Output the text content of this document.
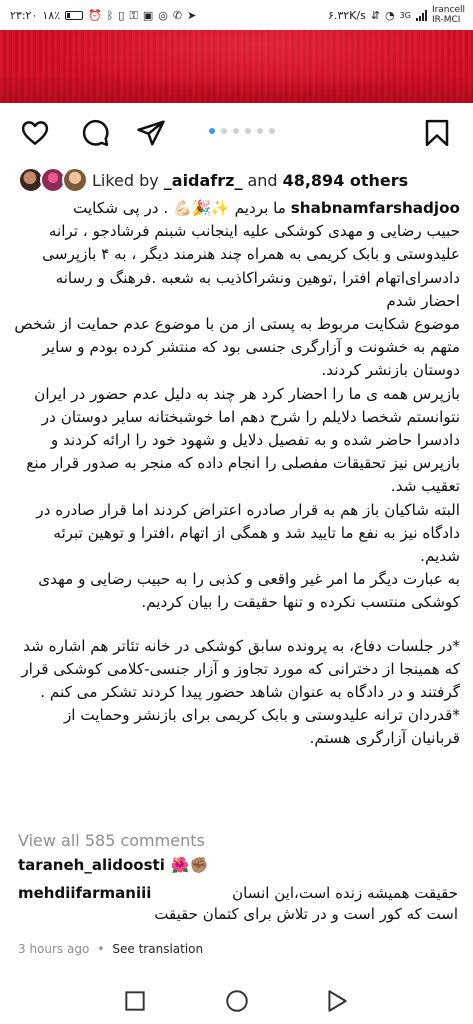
۲۳:۲۰ ۱۸٪	⏰ ᛒ ▯ ⚿ ▣ ◎ ✆ ➤	۶.۳۲K/s ⇵ ◔ 3G Irancell
IR-MCI
Liked by _aidafrz_ and 48,894 others

shabnamfarshadjoo ما بردیم ✨🎉💪🏻 . در پی شکایت

حبیب رضایی و مهدی کوشکی علیه اینجانب شبنم فرشادجو ، ترانه علیدوستی و بابک کریمی به همراه چند هنرمند دیگر ، به ۴ بازپرسی دادسرای‌اتهام افترا ,توهین ونشراکاذیب به شعبه .فرهنگ و رسانه احضار شدم

موضوع شکایت مربوط به پستی از من با موضوع عدم حمایت از شخص متهم به خشونت و آزارگری جنسی بود که منتشر کرده بودم و سایر دوستان بازنشر کردند.

بازپرس همه ی ما را احضار کرد هر چند به دلیل عدم حضور در ایران

نتوانستم شخصا دلایلم را شرح دهم اما خوشبختانه سایر دوستان در دادسرا حاضر شده و به تفصیل دلایل و شهود خود را ارائه کردند و بازپرس نیز تحقیقات مفصلی را انجام داده که منجر به صدور قرار منع تعقیب شد.

البته شاکیان باز هم به قرار صادره اعتراض کردند اما قرار صادره در دادگاه نیز به نفع ما تایید شد و همگی از اتهام ،افترا و توهین تبرئه شدیم.

به عبارت دیگر ما امر غیر واقعی و کذبی را به حبیب رضایی و مهدی کوشکی منتسب نکرده و تنها حقیقت را بیان کردیم.

*در جلسات دفاع، به پرونده سابق کوشکی در خانه تئاتر هم اشاره شد که همینجا از دخترانی که مورد تجاوز و آزار جنسی-کلامی کوشکی قرار گرفتند و در دادگاه به عنوان شاهد حضور پیدا کردند تشکر می کنم .

*قدردان ترانه علیدوستی و بابک کریمی برای بازنشر وحمایت از قربانیان آزارگری هستم.

View all 585 comments
taraneh_alidoosti 🌺✊🏽
mehdiifarmaniii	حقیقت همیشه زنده است،این انسان
است که کور است و در تلاش برای کتمان حقیقت
3 hours ago • See translation
